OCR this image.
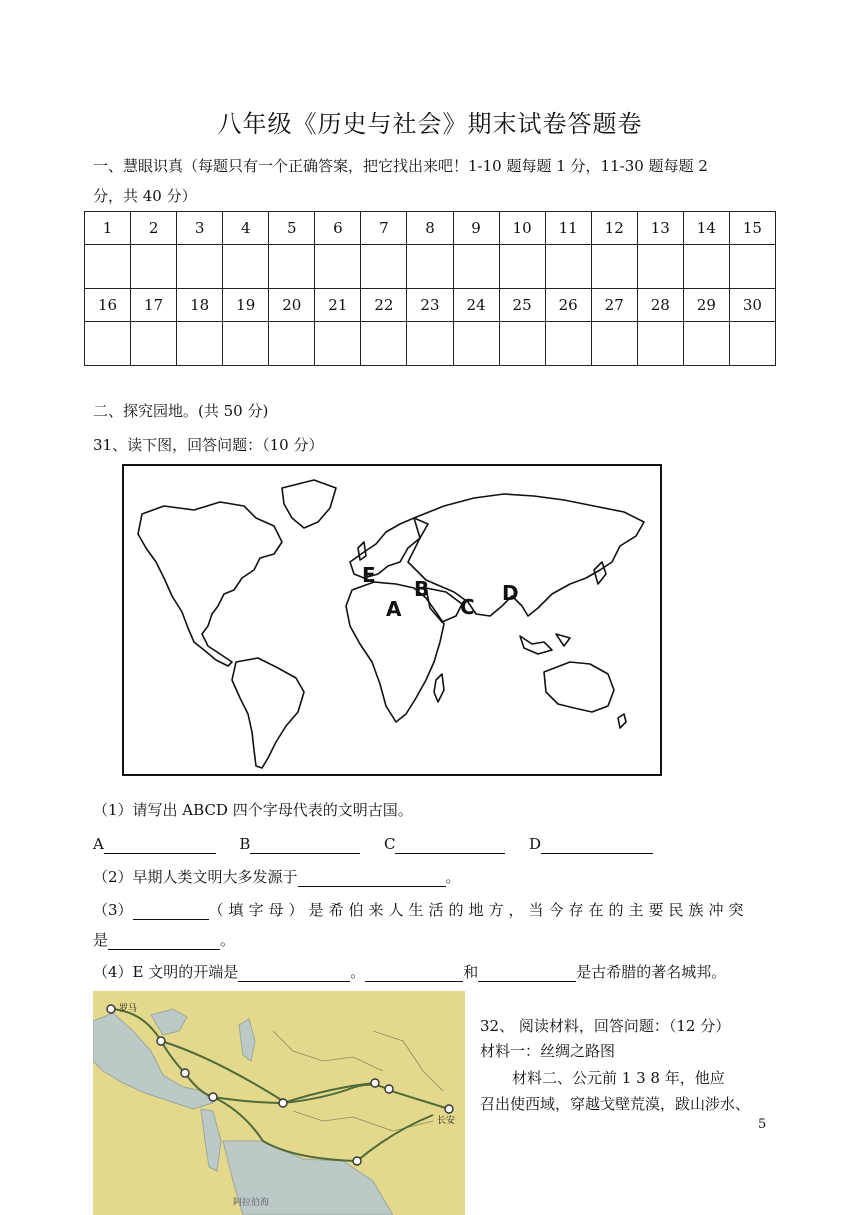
八年级《历史与社会》期末试卷答题卷
一、慧眼识真（每题只有一个正确答案，把它找出来吧！1-10 题每题 1 分，11-30 题每题 2
分，共 40 分）
1	2	3	4	5	6	7	8	9	10	11	12	13	14	15

16	17	18	19	20	21	22	23	24	25	26	27	28	29	30

二、探究园地。(共 50 分)
31、读下图，回答问题：（10 分）
E
B
A	C
D
（1）请写出 ABCD 四个字母代表的文明古国。
A	B	C	D
（2）早期人类文明大多发源于	。
（3）	（填字母）是希伯来人生活的地方，当今存在的主要民族冲突
是	。
（4）E 文明的开端是	。	和	是古希腊的著名城邦。
罗马
长安
阿拉伯海
32、 阅读材料，回答问题：（12 分）
材料一：丝绸之路图
材料二、公元前 1 3 8 年，他应
召出使西域，穿越戈壁荒漠，跋山涉水、
5
